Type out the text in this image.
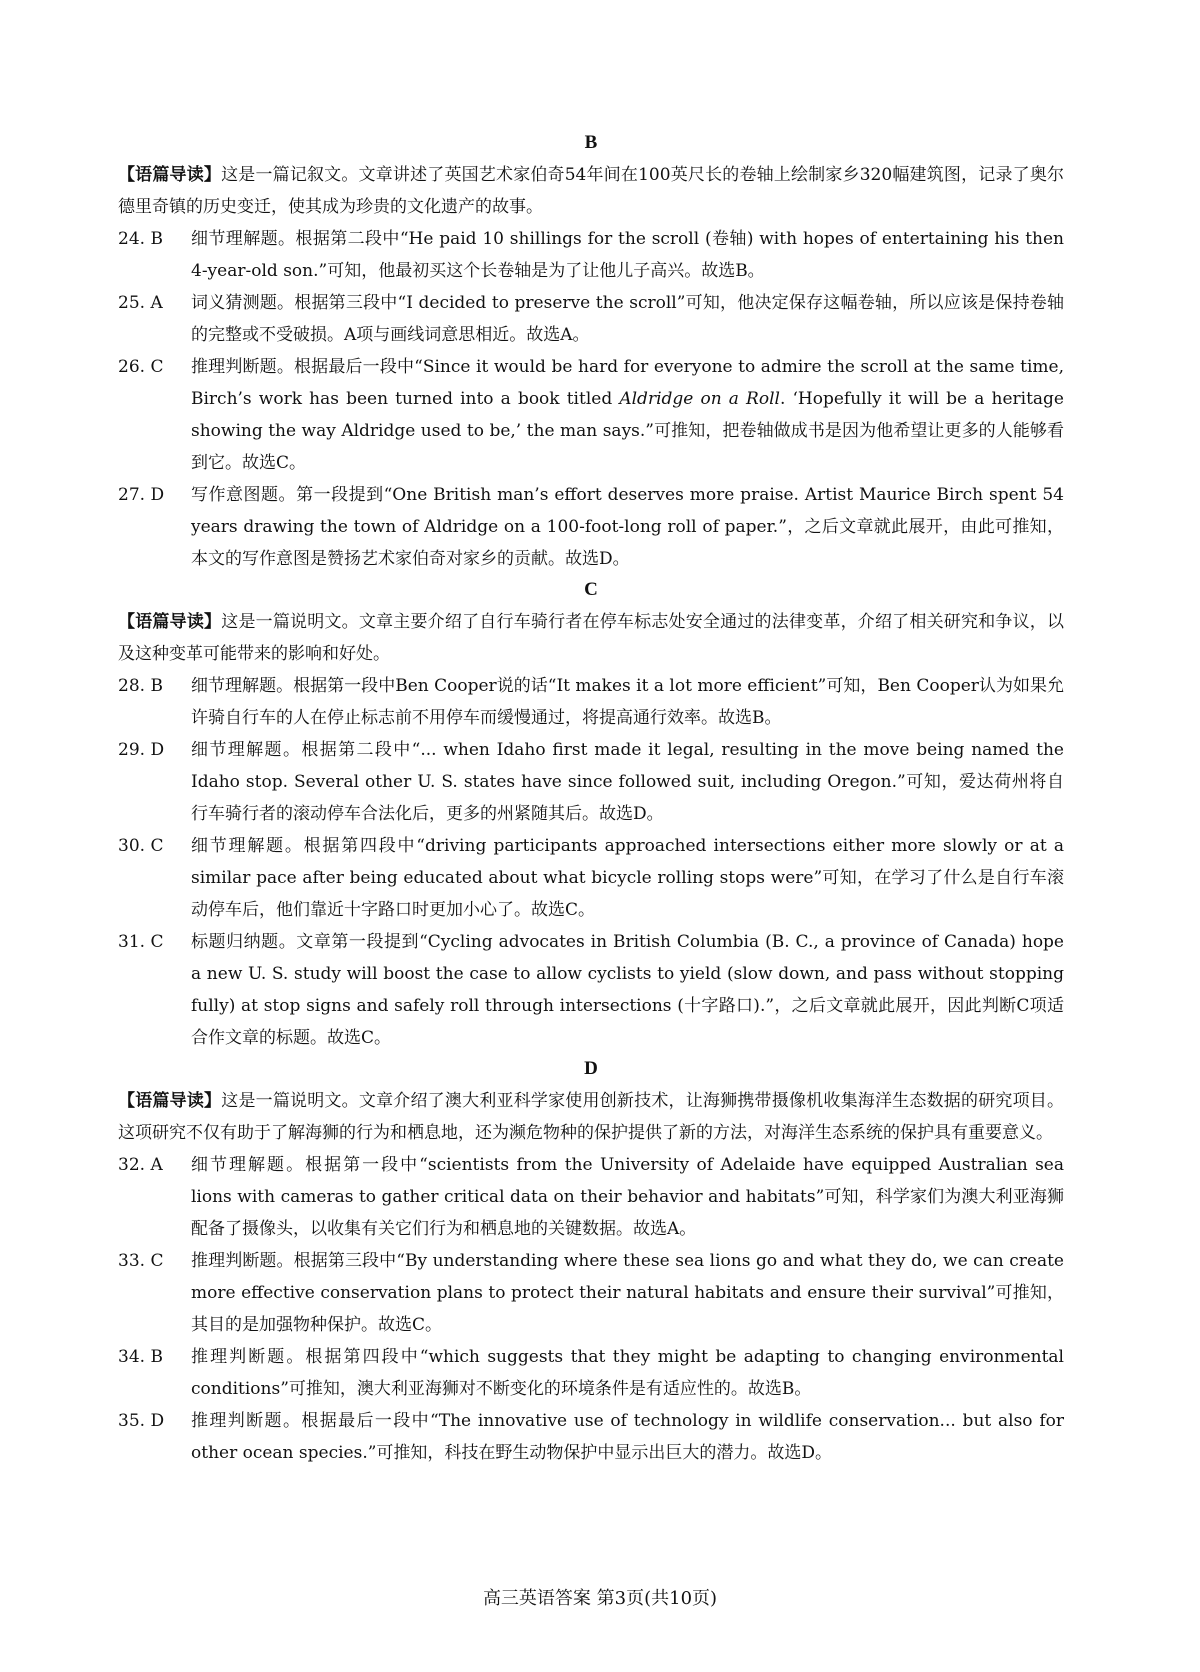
B
【语篇导读】这是一篇记叙文。文章讲述了英国艺术家伯奇54年间在100英尺长的卷轴上绘制家乡320幅建筑图，记录了奥尔德里奇镇的历史变迁，使其成为珍贵的文化遗产的故事。
24. B	细节理解题。根据第二段中“He paid 10 shillings for the scroll (卷轴) with hopes of entertaining his then 4-year-old son.”可知，他最初买这个长卷轴是为了让他儿子高兴。故选B。
25. A	词义猜测题。根据第三段中“I decided to preserve the scroll”可知，他决定保存这幅卷轴，所以应该是保持卷轴的完整或不受破损。A项与画线词意思相近。故选A。
26. C	推理判断题。根据最后一段中“Since it would be hard for everyone to admire the scroll at the same time, Birch’s work has been turned into a book titled Aldridge on a Roll. ‘Hopefully it will be a heritage showing the way Aldridge used to be,’ the man says.”可推知，把卷轴做成书是因为他希望让更多的人能够看到它。故选C。
27. D	写作意图题。第一段提到“One British man’s effort deserves more praise. Artist Maurice Birch spent 54 years drawing the town of Aldridge on a 100-foot-long roll of paper.”，之后文章就此展开，由此可推知，本文的写作意图是赞扬艺术家伯奇对家乡的贡献。故选D。
C
【语篇导读】这是一篇说明文。文章主要介绍了自行车骑行者在停车标志处安全通过的法律变革，介绍了相关研究和争议，以及这种变革可能带来的影响和好处。
28. B	细节理解题。根据第一段中Ben Cooper说的话“It makes it a lot more efficient”可知，Ben Cooper认为如果允许骑自行车的人在停止标志前不用停车而缓慢通过，将提高通行效率。故选B。
29. D	细节理解题。根据第二段中“... when Idaho first made it legal, resulting in the move being named the Idaho stop. Several other U. S. states have since followed suit, including Oregon.”可知，爱达荷州将自行车骑行者的滚动停车合法化后，更多的州紧随其后。故选D。
30. C	细节理解题。根据第四段中“driving participants approached intersections either more slowly or at a similar pace after being educated about what bicycle rolling stops were”可知，在学习了什么是自行车滚动停车后，他们靠近十字路口时更加小心了。故选C。
31. C	标题归纳题。文章第一段提到“Cycling advocates in British Columbia (B. C., a province of Canada) hope a new U. S. study will boost the case to allow cyclists to yield (slow down, and pass without stopping fully) at stop signs and safely roll through intersections (十字路口).”，之后文章就此展开，因此判断C项适合作文章的标题。故选C。
D
【语篇导读】这是一篇说明文。文章介绍了澳大利亚科学家使用创新技术，让海狮携带摄像机收集海洋生态数据的研究项目。这项研究不仅有助于了解海狮的行为和栖息地，还为濒危物种的保护提供了新的方法，对海洋生态系统的保护具有重要意义。
32. A	细节理解题。根据第一段中“scientists from the University of Adelaide have equipped Australian sea lions with cameras to gather critical data on their behavior and habitats”可知，科学家们为澳大利亚海狮配备了摄像头，以收集有关它们行为和栖息地的关键数据。故选A。
33. C	推理判断题。根据第三段中“By understanding where these sea lions go and what they do, we can create more effective conservation plans to protect their natural habitats and ensure their survival”可推知，其目的是加强物种保护。故选C。
34. B	推理判断题。根据第四段中“which suggests that they might be adapting to changing environmental conditions”可推知，澳大利亚海狮对不断变化的环境条件是有适应性的。故选B。
35. D	推理判断题。根据最后一段中“The innovative use of technology in wildlife conservation... but also for other ocean species.”可推知，科技在野生动物保护中显示出巨大的潜力。故选D。
高三英语答案 第3页(共10页)
